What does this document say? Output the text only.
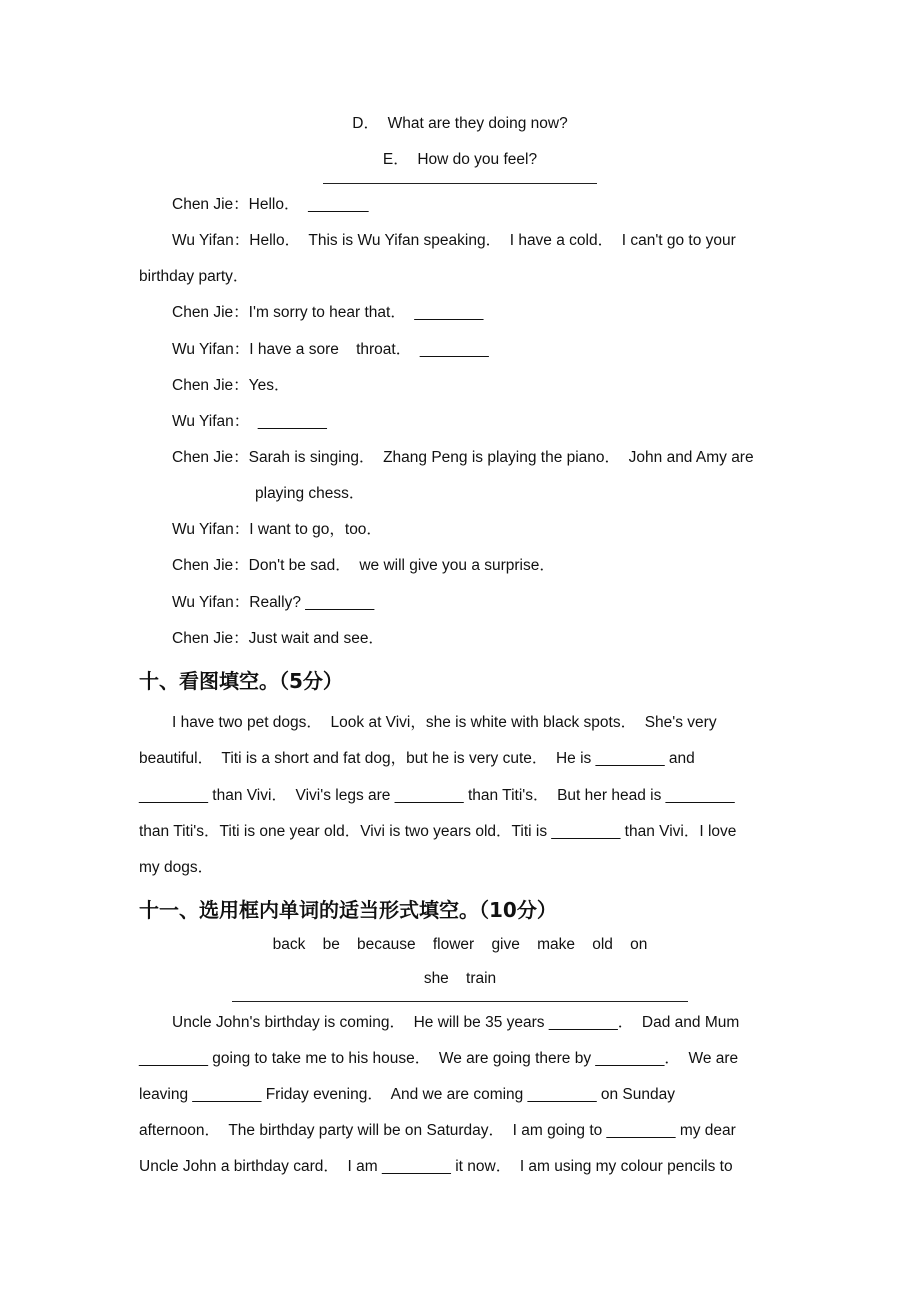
D．  What are they doing now?
E．  How do you feel?
Chen Jie：Hello．  _______
Wu Yifan：Hello．  This is Wu Yifan speaking．  I have a cold．  I can't go to your
birthday party．
Chen Jie：I'm sorry to hear that．  ________
Wu Yifan：I have a sore    throat．  ________
Chen Jie：Yes．
Wu Yifan：  ________
Chen Jie：Sarah is singing．  Zhang Peng is playing the piano．  John and Amy are
playing chess．
Wu Yifan：I want to go，too．
Chen Jie：Don't be sad．  we will give you a surprise．
Wu Yifan：Really? ________
Chen Jie：Just wait and see．
十、看图填空。（5分）
I have two pet dogs．  Look at Vivi，she is white with black spots．  She's very
beautiful．  Titi is a short and fat dog，but he is very cute．  He is ________ and
________ than Vivi．  Vivi's legs are ________ than Titi's．  But her head is ________
than Titi's．Titi is one year old．Vivi is two years old．Titi is ________ than Vivi．I love
my dogs．
十一、选用框内单词的适当形式填空。（10分）
back    be    because    flower    give    make    old    on
she    train
Uncle John's birthday is coming．  He will be 35 years ________．  Dad and Mum
________ going to take me to his house．  We are going there by ________．  We are
leaving ________ Friday evening．  And we are coming ________ on Sunday
afternoon．  The birthday party will be on Saturday．  I am going to ________ my dear
Uncle John a birthday card．  I am ________ it now．  I am using my colour pencils to
